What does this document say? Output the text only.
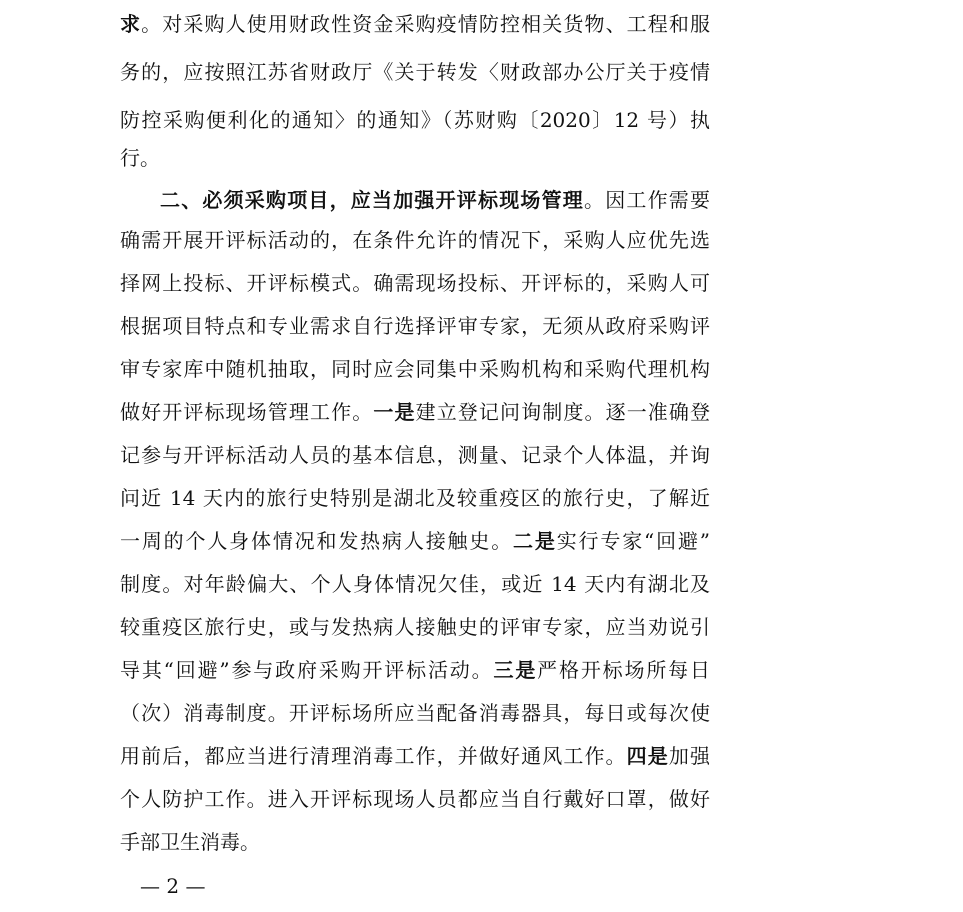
求。对采购人使用财政性资金采购疫情防控相关货物、工程和服
务的，应按照江苏省财政厅《关于转发〈财政部办公厅关于疫情
防控采购便利化的通知〉的通知》（苏财购〔2020〕12 号）执
行。
二、必须采购项目，应当加强开评标现场管理。因工作需要
确需开展开评标活动的，在条件允许的情况下，采购人应优先选
择网上投标、开评标模式。确需现场投标、开评标的，采购人可
根据项目特点和专业需求自行选择评审专家，无须从政府采购评
审专家库中随机抽取，同时应会同集中采购机构和采购代理机构
做好开评标现场管理工作。一是建立登记问询制度。逐一准确登
记参与开评标活动人员的基本信息，测量、记录个人体温，并询
问近 14 天内的旅行史特别是湖北及较重疫区的旅行史，了解近
一周的个人身体情况和发热病人接触史。二是实行专家“回避”
制度。对年龄偏大、个人身体情况欠佳，或近 14 天内有湖北及
较重疫区旅行史，或与发热病人接触史的评审专家，应当劝说引
导其“回避”参与政府采购开评标活动。三是严格开标场所每日
（次）消毒制度。开评标场所应当配备消毒器具，每日或每次使
用前后，都应当进行清理消毒工作，并做好通风工作。四是加强
个人防护工作。进入开评标现场人员都应当自行戴好口罩，做好
手部卫生消毒。
— 2 —
